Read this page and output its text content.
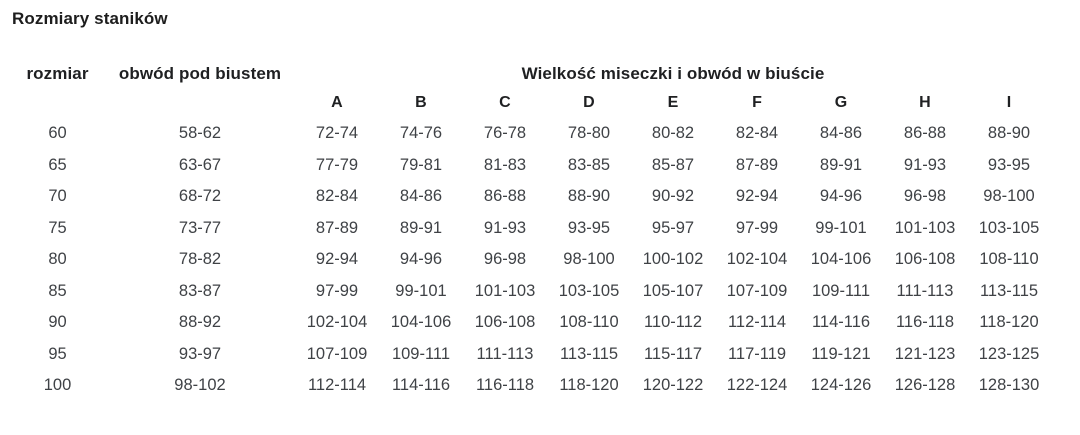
Rozmiary staników
rozmiar	obwód pod biustem	Wielkość miseczki i obwód w biuście								
		A	B	C	D	E	F	G	H	I
60	58-62	72-74	74-76	76-78	78-80	80-82	82-84	84-86	86-88	88-90
65	63-67	77-79	79-81	81-83	83-85	85-87	87-89	89-91	91-93	93-95
70	68-72	82-84	84-86	86-88	88-90	90-92	92-94	94-96	96-98	98-100
75	73-77	87-89	89-91	91-93	93-95	95-97	97-99	99-101	101-103	103-105
80	78-82	92-94	94-96	96-98	98-100	100-102	102-104	104-106	106-108	108-110
85	83-87	97-99	99-101	101-103	103-105	105-107	107-109	109-111	111-113	113-115
90	88-92	102-104	104-106	106-108	108-110	110-112	112-114	114-116	116-118	118-120
95	93-97	107-109	109-111	111-113	113-115	115-117	117-119	119-121	121-123	123-125
100	98-102	112-114	114-116	116-118	118-120	120-122	122-124	124-126	126-128	128-130
